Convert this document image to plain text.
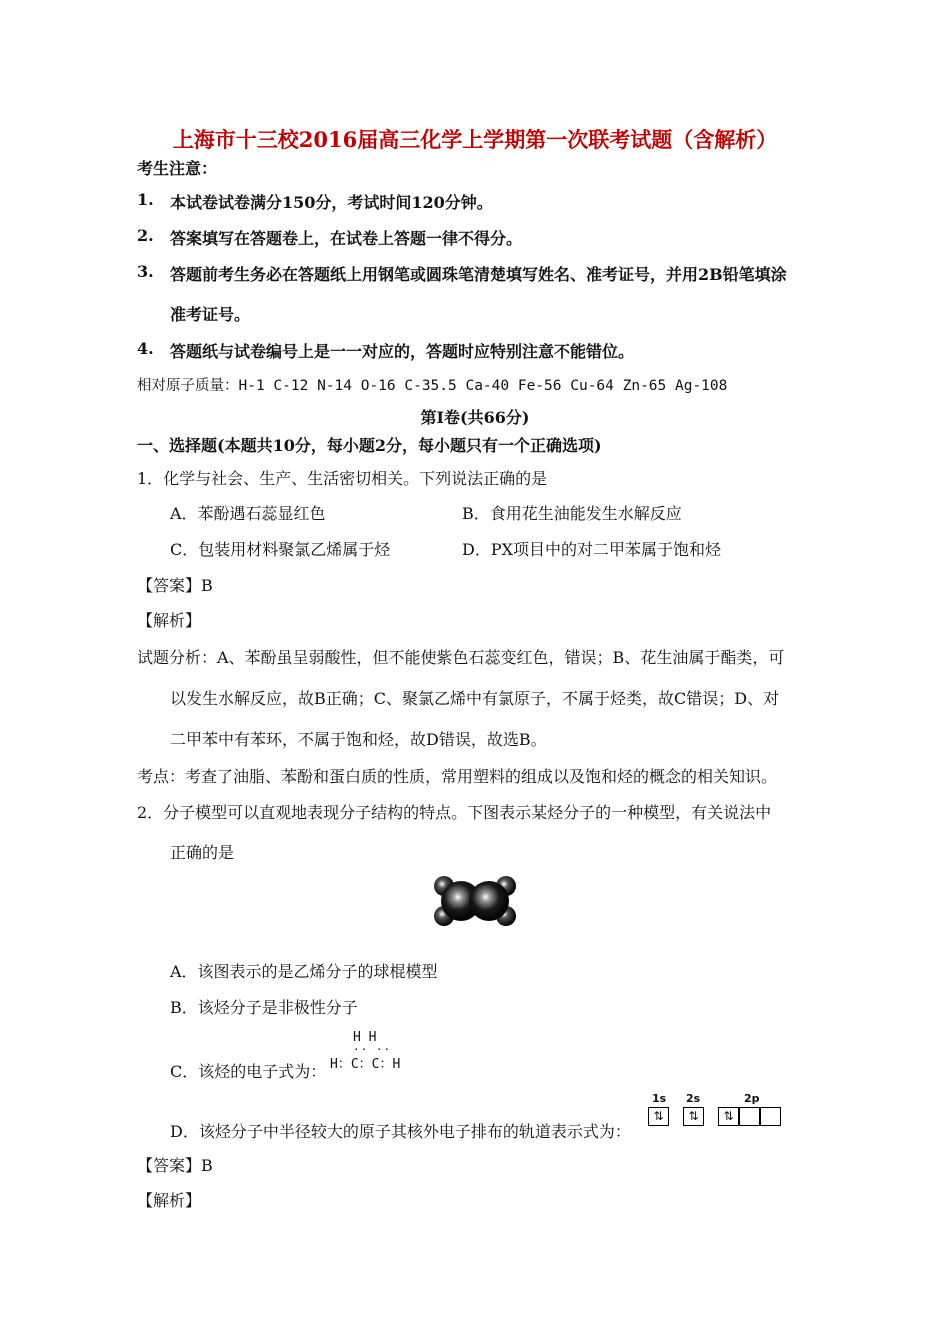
上海市十三校2016届高三化学上学期第一次联考试题（含解析）
考生注意：
1. 本试卷试卷满分150分，考试时间120分钟。
2. 答案填写在答题卷上，在试卷上答题一律不得分。
3. 答题前考生务必在答题纸上用钢笔或圆珠笔清楚填写姓名、准考证号，并用2B铅笔填涂
准考证号。
4. 答题纸与试卷编号上是一一对应的，答题时应特别注意不能错位。
相对原子质量：H-1 C-12 N-14 O-16 C-35.5 Ca-40 Fe-56 Cu-64 Zn-65 Ag-108
第Ⅰ卷(共66分)
一、选择题(本题共10分，每小题2分，每小题只有一个正确选项)
1．化学与社会、生产、生活密切相关。下列说法正确的是
A．苯酚遇石蕊显红色	B．食用花生油能发生水解反应
C．包装用材料聚氯乙烯属于烃	D．PX项目中的对二甲苯属于饱和烃
【答案】B
【解析】
试题分析：A、苯酚虽呈弱酸性，但不能使紫色石蕊变红色，错误；B、花生油属于酯类，可
以发生水解反应，故B正确；C、聚氯乙烯中有氯原子，不属于烃类，故C错误；D、对
二甲苯中有苯环，不属于饱和烃，故D错误，故选B。
考点：考查了油脂、苯酚和蛋白质的性质，常用塑料的组成以及饱和烃的概念的相关知识。
2．分子模型可以直观地表现分子结构的特点。下图表示某烃分子的一种模型，有关说法中
正确的是
A．该图表示的是乙烯分子的球棍模型
B．该烃分子是非极性分子
C．该烃的电子式为：
H H
·· ··
H：C：C：H
D．该烃分子中半径较大的原子其核外电子排布的轨道表示式为：
1s 2s	2p
⇅	⇅	⇅
【答案】B
【解析】
